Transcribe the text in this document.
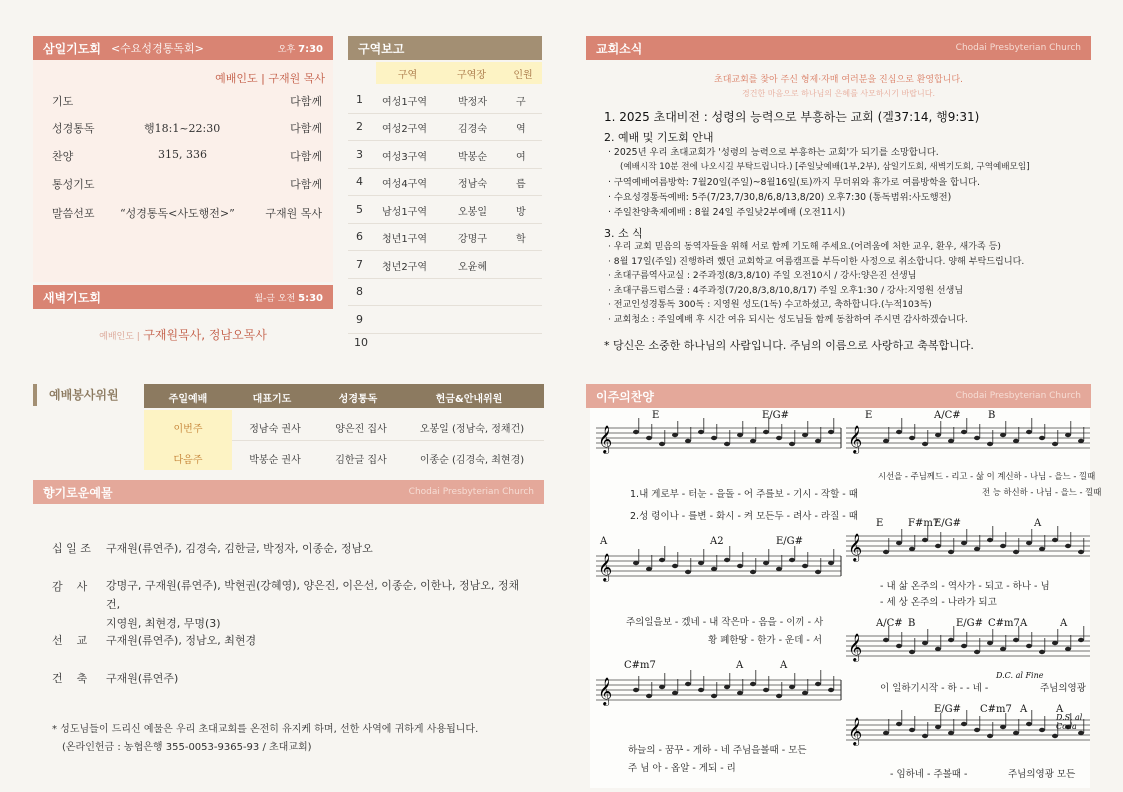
삼일기도회 <수요성경통독회>	오후 7:30
예배인도 | 구재원 목사
기도	다함께
성경통독	행18:1~22:30	다함께
찬양	315, 336	다함께
통성기도	다함께
말씀선포 “성경통독<사도행전>”	구재원 목사
새벽기도회	월-금 오전 5:30
예배인도 | 구재원목사, 정남오목사
구역보고
구역	구역장	인원
1 여성1구역	박정자	구
2 여성2구역	김경숙	역
3 여성3구역	박봉순	여
4 여성4구역	정남숙	름
5 남성1구역	오봉일	방
6 청년1구역	강명구	학
7 청년2구역	오윤혜
8
9
10
예배봉사위원	주일예배	대표기도	성경통독	헌금&안내위원
이번주	정남숙 권사	양은진 집사	오봉일 (정남숙, 정채건)
다음주	박봉순 권사	김한글 집사	이종순 (김경숙, 최현경)
향기로운예물	Chodai Presbyterian Church
십 일 조 구재원(류연주), 김경숙, 김한글, 박정자, 이종순, 정남오
감    사 강명구, 구재원(류연주), 박현권(강혜영), 양은진, 이은선, 이종순, 이한나, 정남오, 정채건,
지영원, 최현경, 무명(3)
선    교 구재원(류연주), 정남오, 최현경
건    축 구재원(류연주)
* 성도님들이 드리신 예물은 우리 초대교회를 온전히 유지케 하며, 선한 사역에 귀하게 사용됩니다.
(온라인헌금 : 농협은행 355-0053-9365-93 / 초대교회)
교회소식	Chodai Presbyterian Church
초대교회를 찾아 주신 형제·자매 여러분을 진심으로 환영합니다.
경건한 마음으로 하나님의 은혜를 사모하시기 바랍니다.
1. 2025 초대비전 : 성령의 능력으로 부흥하는 교회 (겔37:14, 행9:31)
2. 예배 및 기도회 안내
· 2025년 우리 초대교회가 '성령의 능력으로 부흥하는 교회'가 되기를 소망합니다.
(예배시작 10분 전에 나오시길 부탁드립니다.) [주일낮예배(1부,2부), 삼일기도회, 새벽기도회, 구역예배모임]
· 구역예배여름방학: 7월20일(주일)~8월16일(토)까지 무더위와 휴가로 여름방학을 합니다.
· 수요성경통독예배: 5주(7/23,7/30,8/6,8/13,8/20) 오후7:30 (통독범위:사도행전)
· 주일찬양축제예배 : 8월 24일 주일낮2부예배 (오전11시)
3. 소 식
· 우리 교회 믿음의 동역자들을 위해 서로 함께 기도해 주세요.(어려움에 처한 교우, 환우, 새가족 등)
· 8월 17일(주일) 진행하려 했던 교회학교 여름캠프를 부득이한 사정으로 취소합니다. 양해 부탁드립니다.
· 초대구름역사교실 : 2주과정(8/3,8/10) 주일 오전10시 / 강사:양은진 선생님
· 초대구름드럼스쿨 : 4주과정(7/20,8/3,8/10,8/17) 주일 오후1:30 / 강사:지영원 선생님
· 전교인성경통독 300독 : 지영원 성도(1독) 수고하셨고, 축하합니다.(누적103독)
· 교회청소 : 주일예배 후 시간 여유 되시는 성도님들 함께 동참하여 주시면 감사하겠습니다.
* 당신은 소중한 하나님의 사람입니다. 주님의 이름으로 사랑하고 축복합니다.
이주의찬양	Chodai Presbyterian Church
𝄞	𝄞
𝄞
𝄞
𝄞
𝄞
𝄞
E	E/G#	A/C#	B
E
E F#m7
E/G#	A
A	A2	E/G#
A/C# B	E/G# C#m7 A	A
C#m7	A	A
E/G# C#m7 A	A
D.C. al Fine
D.S. al Coda
1.내 게로부 - 터눈 - 을돌 - 어 주를보 - 기시 - 작할 - 때
2.성 령이나 - 를변 - 화시 - 켜 모든두 - 려사 - 라질 - 때
시선을 - 주님께드 - 리고 - 삶 이 계신하 - 나님 - 을느 - 낄때
전 능 하신하 - 나님 - 을느 - 낄때
- 내 삶 온주의 - 역사가 - 되고 - 하나 - 님
- 세 상 온주의 - 나라가 되고
주의일을보 - 겠네 - 내 작은마 - 음을 - 이끼 - 사
황 폐한땅 - 한가 - 운데 - 서
이 일하기시작 - 하 - - 네 -	주님의영광
하늘의 - 꿈꾸 - 게하 - 네 주님을볼때 - 모든
주 님 아 - 옵알 - 게되 - 리
- 임하네 - 주볼때 -	주님의영광 모든
